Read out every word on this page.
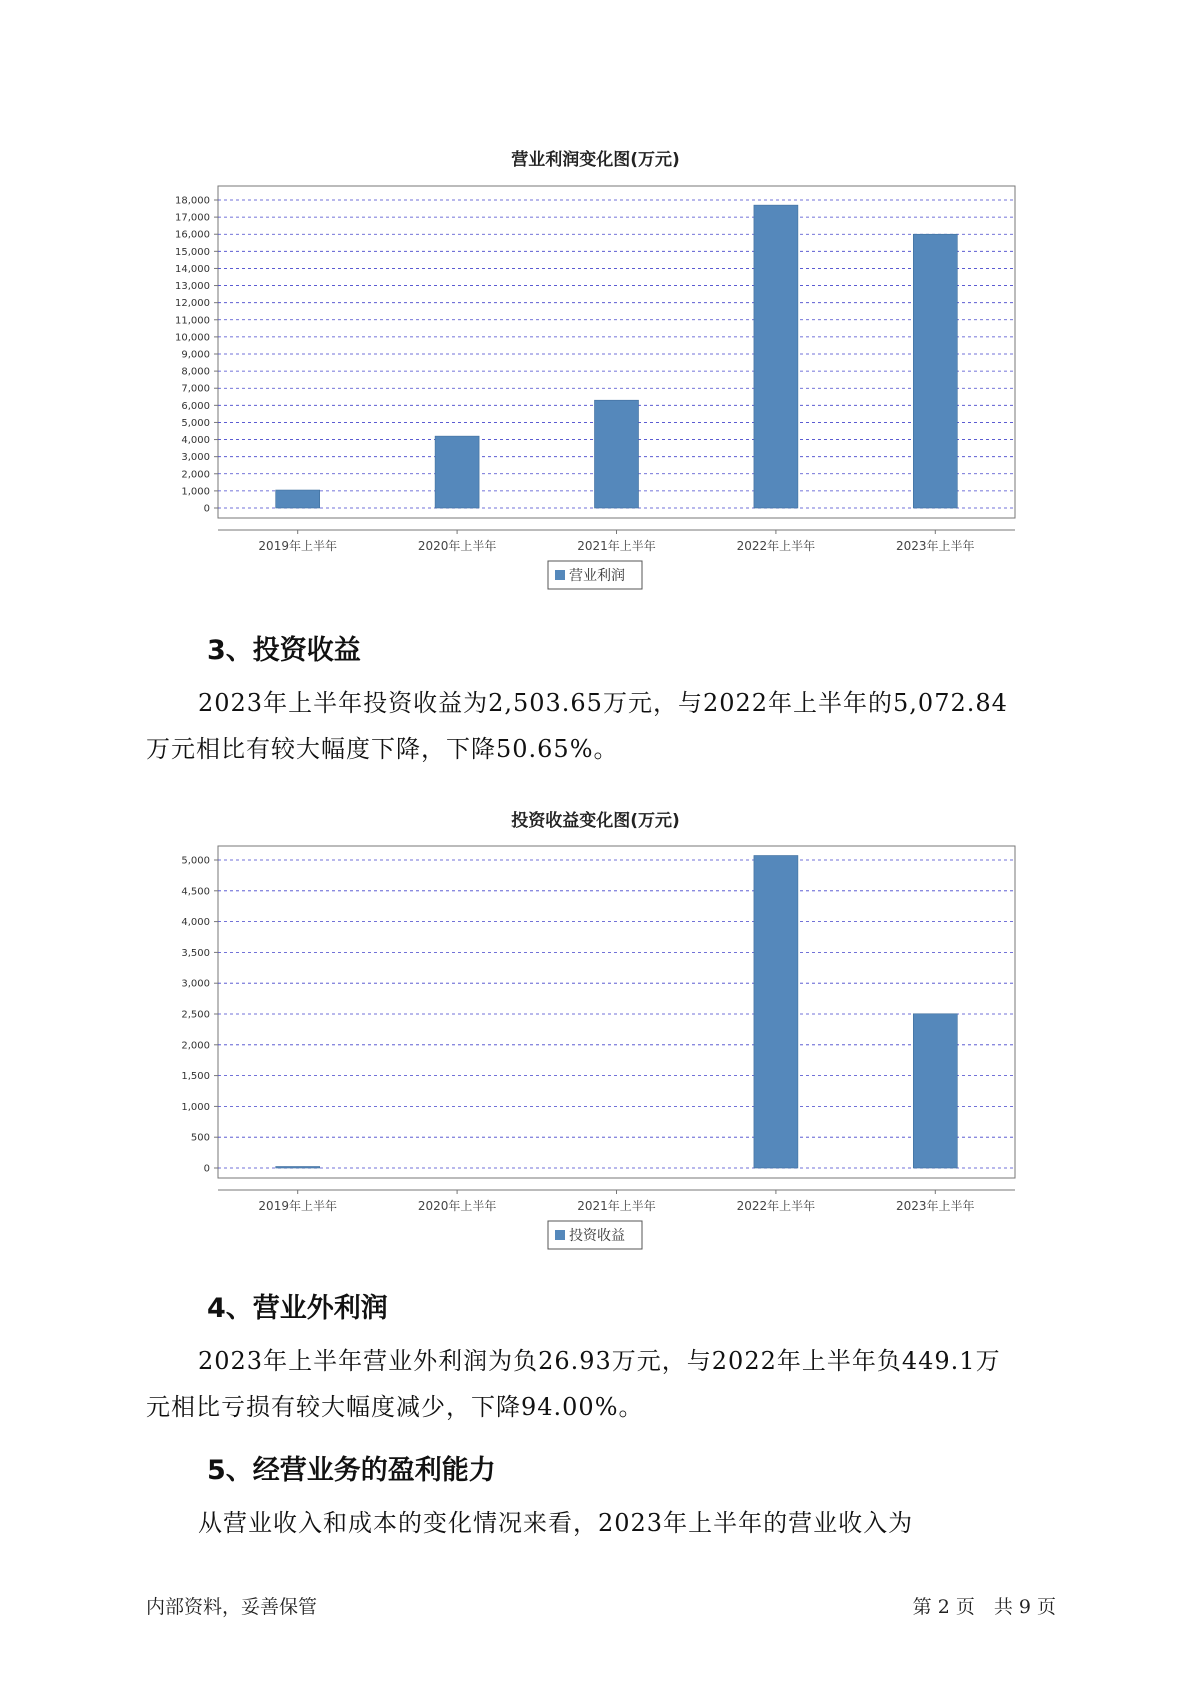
营业利润变化图(万元)
0
1,000
2,000
3,000
4,000
5,000
6,000
7,000
8,000
9,000
10,000
11,000
12,000
13,000
14,000
15,000
16,000
17,000
18,000
2019年上半年	2020年上半年	2021年上半年	2022年上半年	2023年上半年
营业利润
3、投资收益
2023年上半年投资收益为2,503.65万元，与2022年上半年的5,072.84
万元相比有较大幅度下降，下降50.65%。
投资收益变化图(万元)
0
500
1,000
1,500
2,000
2,500
3,000
3,500
4,000
4,500
5,000
2019年上半年	2020年上半年	2021年上半年	2022年上半年	2023年上半年
投资收益
4、营业外利润
2023年上半年营业外利润为负26.93万元，与2022年上半年负449.1万
元相比亏损有较大幅度减少，下降94.00%。
5、经营业务的盈利能力
从营业收入和成本的变化情况来看，2023年上半年的营业收入为
内部资料，妥善保管	第 2 页　共 9 页
